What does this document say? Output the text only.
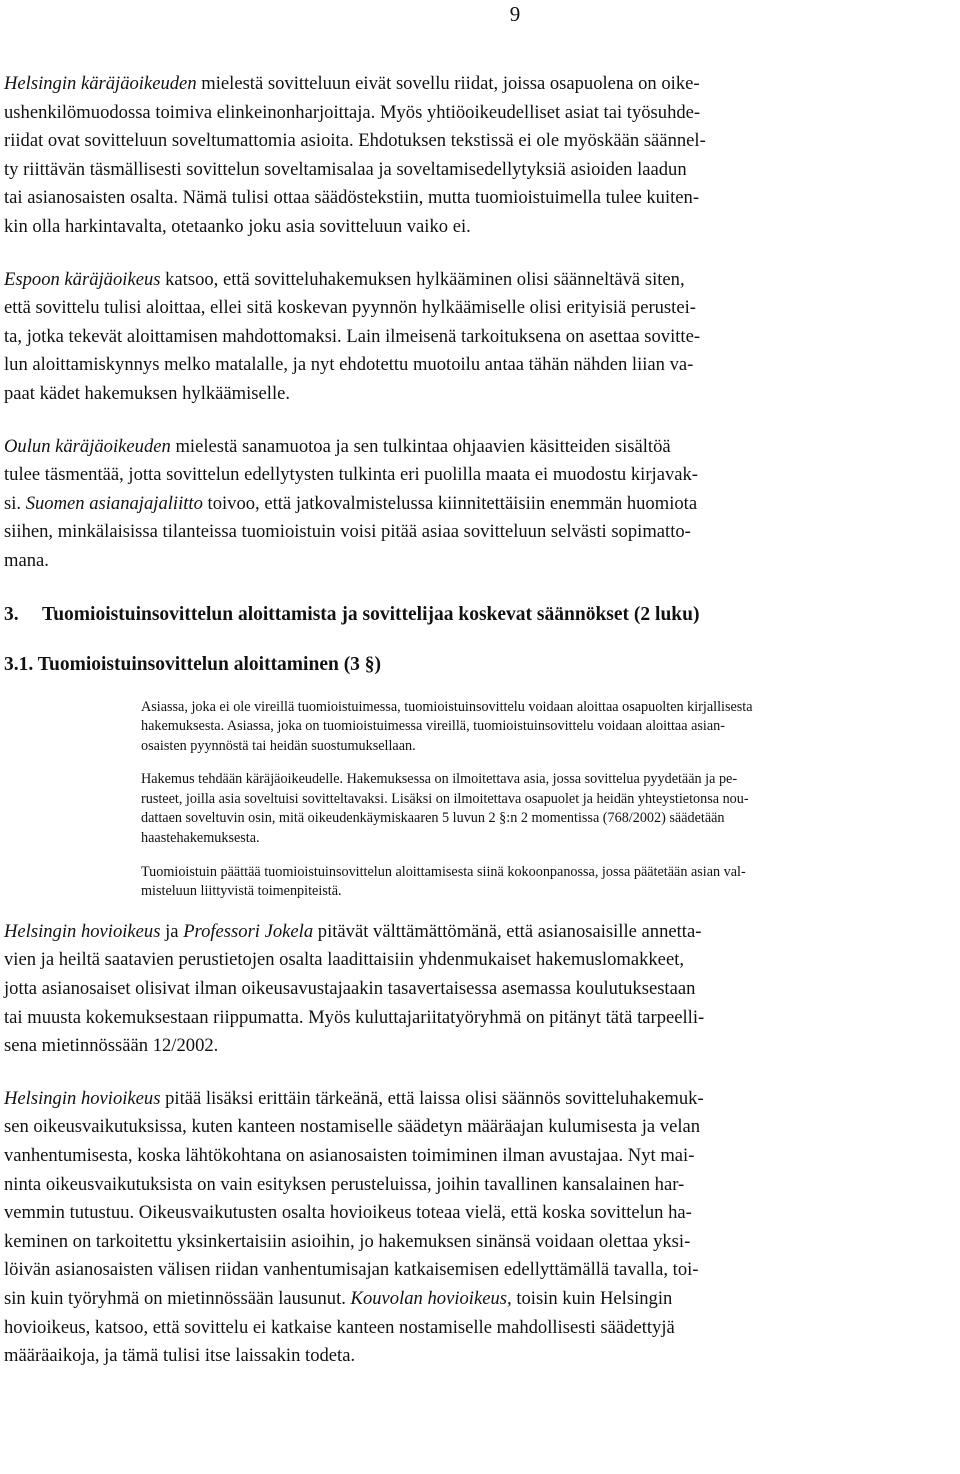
9
Helsingin käräjäoikeuden mielestä sovitteluun eivät sovellu riidat, joissa osapuolena on oike-
ushenkilömuodossa toimiva elinkeinonharjoittaja. Myös yhtiöoikeudelliset asiat tai työsuhde-
riidat ovat sovitteluun soveltumattomia asioita. Ehdotuksen tekstissä ei ole myöskään säännel-
ty riittävän täsmällisesti sovittelun soveltamisalaa ja soveltamisedellytyksiä asioiden laadun
tai asianosaisten osalta. Nämä tulisi ottaa säädöstekstiin, mutta tuomioistuimella tulee kuiten-
kin olla harkintavalta, otetaanko joku asia sovitteluun vaiko ei.
Espoon käräjäoikeus katsoo, että sovitteluhakemuksen hylkääminen olisi säänneltävä siten,
että sovittelu tulisi aloittaa, ellei sitä koskevan pyynnön hylkäämiselle olisi erityisiä perustei-
ta, jotka tekevät aloittamisen mahdottomaksi. Lain ilmeisenä tarkoituksena on asettaa sovitte-
lun aloittamiskynnys melko matalalle, ja nyt ehdotettu muotoilu antaa tähän nähden liian va-
paat kädet hakemuksen hylkäämiselle.
Oulun käräjäoikeuden mielestä sanamuotoa ja sen tulkintaa ohjaavien käsitteiden sisältöä
tulee täsmentää, jotta sovittelun edellytysten tulkinta eri puolilla maata ei muodostu kirjavak-
si. Suomen asianajajaliitto toivoo, että jatkovalmistelussa kiinnitettäisiin enemmän huomiota
siihen, minkälaisissa tilanteissa tuomioistuin voisi pitää asiaa sovitteluun selvästi sopimatto-
mana.
3. Tuomioistuinsovittelun aloittamista ja sovittelijaa koskevat säännökset (2 luku)
3.1. Tuomioistuinsovittelun aloittaminen (3 §)

Asiassa, joka ei ole vireillä tuomioistuimessa, tuomioistuinsovittelu voidaan aloittaa osapuolten kirjallisesta
hakemuksesta. Asiassa, joka on tuomioistuimessa vireillä, tuomioistuinsovittelu voidaan aloittaa asian-
osaisten pyynnöstä tai heidän suostumuksellaan.

Hakemus tehdään käräjäoikeudelle. Hakemuksessa on ilmoitettava asia, jossa sovittelua pyydetään ja pe-
rusteet, joilla asia soveltuisi sovitteltavaksi. Lisäksi on ilmoitettava osapuolet ja heidän yhteystietonsa nou-
dattaen soveltuvin osin, mitä oikeudenkäymiskaaren 5 luvun 2 §:n 2 momentissa (768/2002) säädetään
haastehakemuksesta.

Tuomioistuin päättää tuomioistuinsovittelun aloittamisesta siinä kokoonpanossa, jossa päätetään asian val-
misteluun liittyvistä toimenpiteistä.

Helsingin hovioikeus ja Professori Jokela pitävät välttämättömänä, että asianosaisille annetta-
vien ja heiltä saatavien perustietojen osalta laadittaisiin yhdenmukaiset hakemuslomakkeet,
jotta asianosaiset olisivat ilman oikeusavustajaakin tasavertaisessa asemassa koulutuksestaan
tai muusta kokemuksestaan riippumatta. Myös kuluttajariitatyöryhmä on pitänyt tätä tarpeelli-
sena mietinnössään 12/2002.
Helsingin hovioikeus pitää lisäksi erittäin tärkeänä, että laissa olisi säännös sovitteluhakemuk-
sen oikeusvaikutuksissa, kuten kanteen nostamiselle säädetyn määräajan kulumisesta ja velan
vanhentumisesta, koska lähtökohtana on asianosaisten toimiminen ilman avustajaa. Nyt mai-
ninta oikeusvaikutuksista on vain esityksen perusteluissa, joihin tavallinen kansalainen har-
vemmin tutustuu. Oikeusvaikutusten osalta hovioikeus toteaa vielä, että koska sovittelun ha-
keminen on tarkoitettu yksinkertaisiin asioihin, jo hakemuksen sinänsä voidaan olettaa yksi-
löivän asianosaisten välisen riidan vanhentumisajan katkaisemisen edellyttämällä tavalla, toi-
sin kuin työryhmä on mietinnössään lausunut. Kouvolan hovioikeus, toisin kuin Helsingin
hovioikeus, katsoo, että sovittelu ei katkaise kanteen nostamiselle mahdollisesti säädettyjä
määräaikoja, ja tämä tulisi itse laissakin todeta.
